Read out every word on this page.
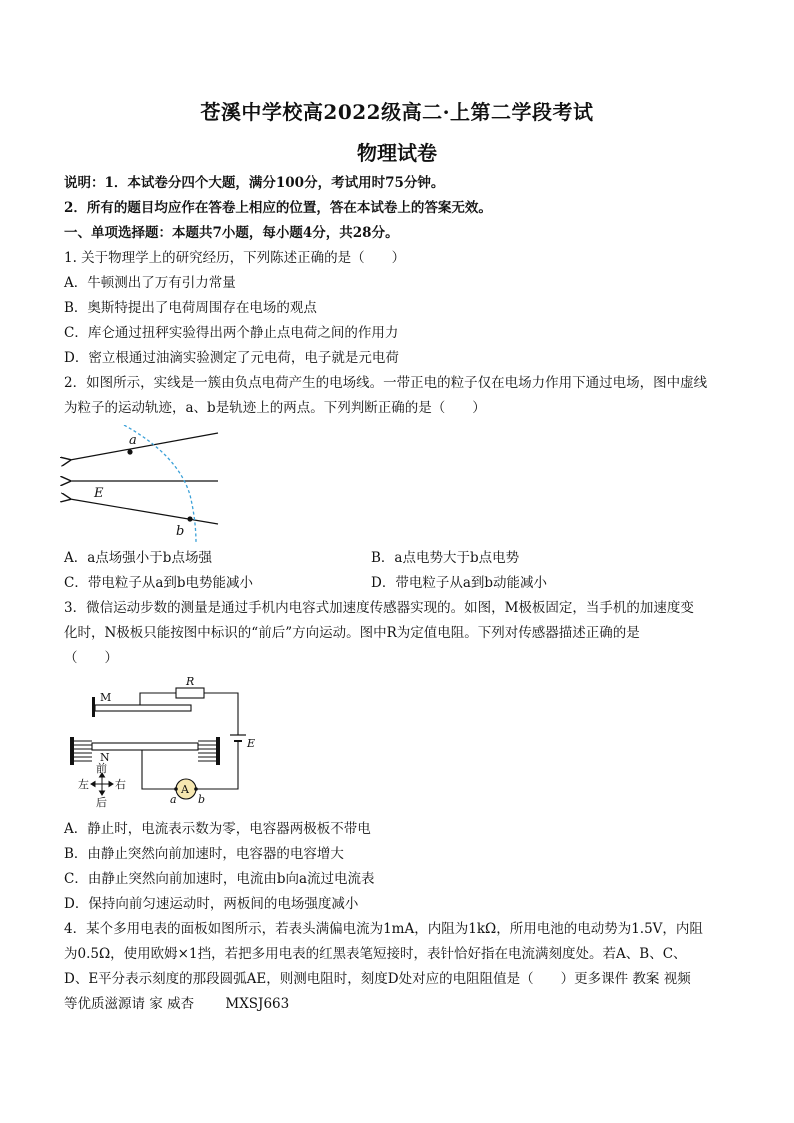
苍溪中学校高2022级高二·上第二学段考试
物理试卷
说明：1．本试卷分四个大题，满分100分，考试用时75分钟。
2．所有的题目均应作在答卷上相应的位置，答在本试卷上的答案无效。
一、单项选择题：本题共7小题，每小题4分，共28分。
1. 关于物理学上的研究经历，下列陈述正确的是（　　）
A．牛顿测出了万有引力常量
B．奥斯特提出了电荷周围存在电场的观点
C．库仑通过扭秤实验得出两个静止点电荷之间的作用力
D．密立根通过油滴实验测定了元电荷，电子就是元电荷
2．如图所示，实线是一簇由负点电荷产生的电场线。一带正电的粒子仅在电场力作用下通过电场，图中虚线
为粒子的运动轨迹，a、b是轨迹上的两点。下列判断正确的是（　　）
a
b
E
A．a点场强小于b点场强	B．a点电势大于b点电势
C．带电粒子从a到b电势能减小	D．带电粒子从a到b动能减小
3．微信运动步数的测量是通过手机内电容式加速度传感器实现的。如图，M极板固定，当手机的加速度变
化时，N极板只能按图中标识的“前后”方向运动。图中R为定值电阻。下列对传感器描述正确的是
（　　）
M
R
E
N
A
a b
前
后
左 右
A．静止时，电流表示数为零，电容器两极板不带电
B．由静止突然向前加速时，电容器的电容增大
C．由静止突然向前加速时，电流由b向a流过电流表
D．保持向前匀速运动时，两板间的电场强度减小
4．某个多用电表的面板如图所示，若表头满偏电流为1mA，内阻为1kΩ，所用电池的电动势为1.5V，内阻
为0.5Ω，使用欧姆×1挡，若把多用电表的红黑表笔短接时，表针恰好指在电流满刻度处。若A、B、C、
D、E平分表示刻度的那段圆弧AE，则测电阻时，刻度D处对应的电阻阻值是（　　）更多课件 教案 视频
等优质滋源请 家 威杏　　 MXSJ663
